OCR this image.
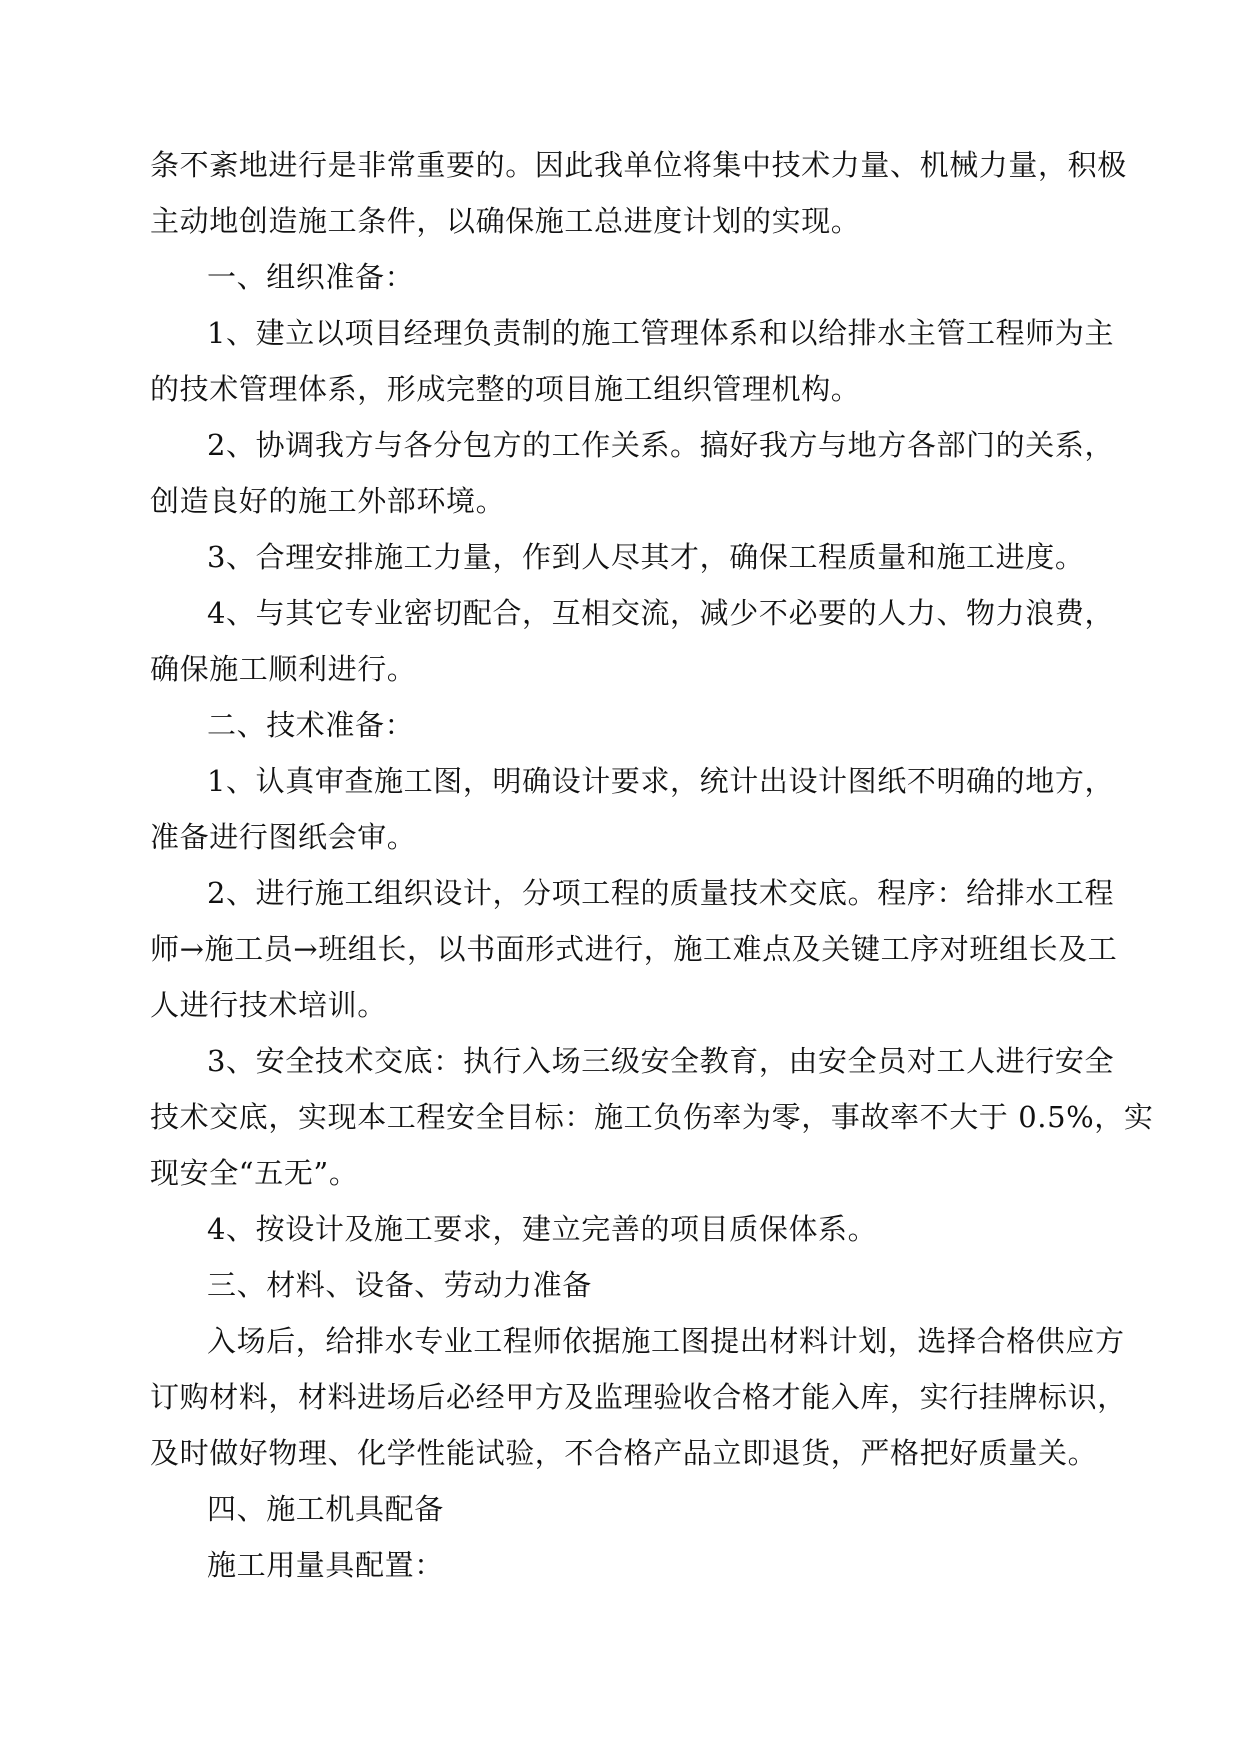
条不紊地进行是非常重要的。因此我单位将集中技术力量、机械力量，积极
主动地创造施工条件，以确保施工总进度计划的实现。
一、组织准备：
1、建立以项目经理负责制的施工管理体系和以给排水主管工程师为主
的技术管理体系，形成完整的项目施工组织管理机构。
2、协调我方与各分包方的工作关系。搞好我方与地方各部门的关系，
创造良好的施工外部环境。
3、合理安排施工力量，作到人尽其才，确保工程质量和施工进度。
4、与其它专业密切配合，互相交流，减少不必要的人力、物力浪费，
确保施工顺利进行。
二、技术准备：
1、认真审查施工图，明确设计要求，统计出设计图纸不明确的地方，
准备进行图纸会审。
2、进行施工组织设计，分项工程的质量技术交底。程序：给排水工程
师→施工员→班组长，以书面形式进行，施工难点及关键工序对班组长及工
人进行技术培训。
3、安全技术交底：执行入场三级安全教育，由安全员对工人进行安全
技术交底，实现本工程安全目标：施工负伤率为零，事故率不大于 0.5%，实
现安全“五无”。
4、按设计及施工要求，建立完善的项目质保体系。
三、材料、设备、劳动力准备
入场后，给排水专业工程师依据施工图提出材料计划，选择合格供应方
订购材料，材料进场后必经甲方及监理验收合格才能入库，实行挂牌标识，
及时做好物理、化学性能试验，不合格产品立即退货，严格把好质量关。
四、施工机具配备
施工用量具配置：
